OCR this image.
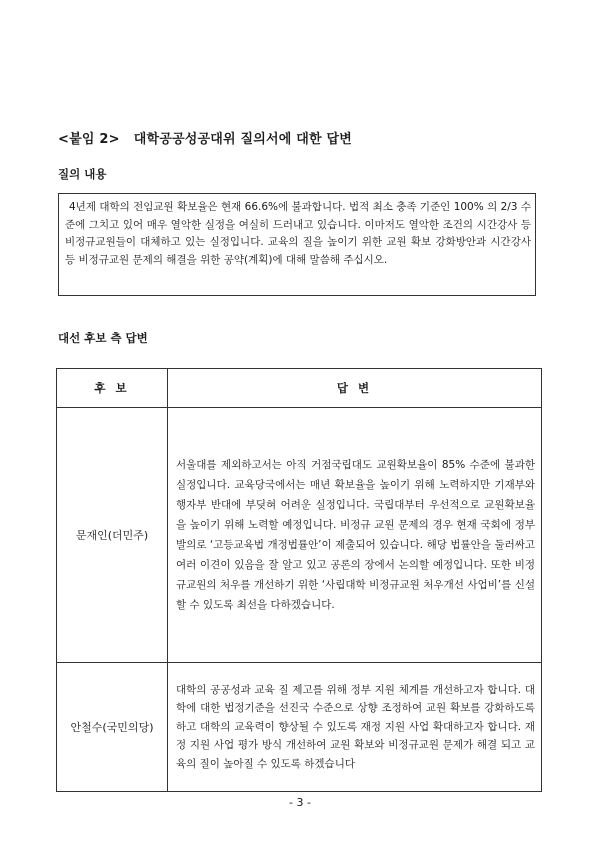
<붙임 2> 대학공공성공대위 질의서에 대한 답변
질의 내용

4년제 대학의 전임교원 확보율은 현재 66.6%에 불과합니다. 법적 최소 충족 기준인 100% 의 2/3 수준에 그치고 있어 매우 열악한 실정을 여실히 드러내고 있습니다. 이마저도 열악한 조건의 시간강사 등 비정규교원들이 대체하고 있는 실정입니다. 교육의 질을 높이기 위한 교원 확보 강화방안과 시간강사 등 비정규교원 문제의 해결을 위한 공약(계획)에 대해 말씀해 주십시오.

대선 후보 측 답변
후 보	답 변
문재인(더민주)	서울대를 제외하고서는 아직 거점국립대도 교원확보율이 85% 수준에 불과한 실정입니다. 교육당국에서는 매년 확보율을 높이기 위해 노력하지만 기재부와 행자부 반대에 부딪혀 어려운 실정입니다. 국립대부터 우선적으로 교원확보율을 높이기 위해 노력할 예정입니다. 비정규 교원 문제의 경우 현재 국회에 정부 발의로 ‘고등교육법 개정법률안’이 제출되어 있습니다. 해당 법률안을 둘러싸고 여러 이견이 있음을 잘 알고 있고 공론의 장에서 논의할 예정입니다. 또한 비정규교원의 처우를 개선하기 위한 ‘사립대학 비정규교원 처우개선 사업비’를 신설할 수 있도록 최선을 다하겠습니다.
안철수(국민의당)	대학의 공공성과 교육 질 제고를 위해 정부 지원 체계를 개선하고자 합니다. 대학에 대한 법정기준을 선진국 수준으로 상향 조정하여 교원 확보를 강화하도록 하고 대학의 교육력이 향상될 수 있도록 재정 지원 사업 확대하고자 합니다. 재정 지원 사업 평가 방식 개선하여 교원 확보와 비정규교원 문제가 해결 되고 교육의 질이 높아질 수 있도록 하겠습니다
- 3 -
